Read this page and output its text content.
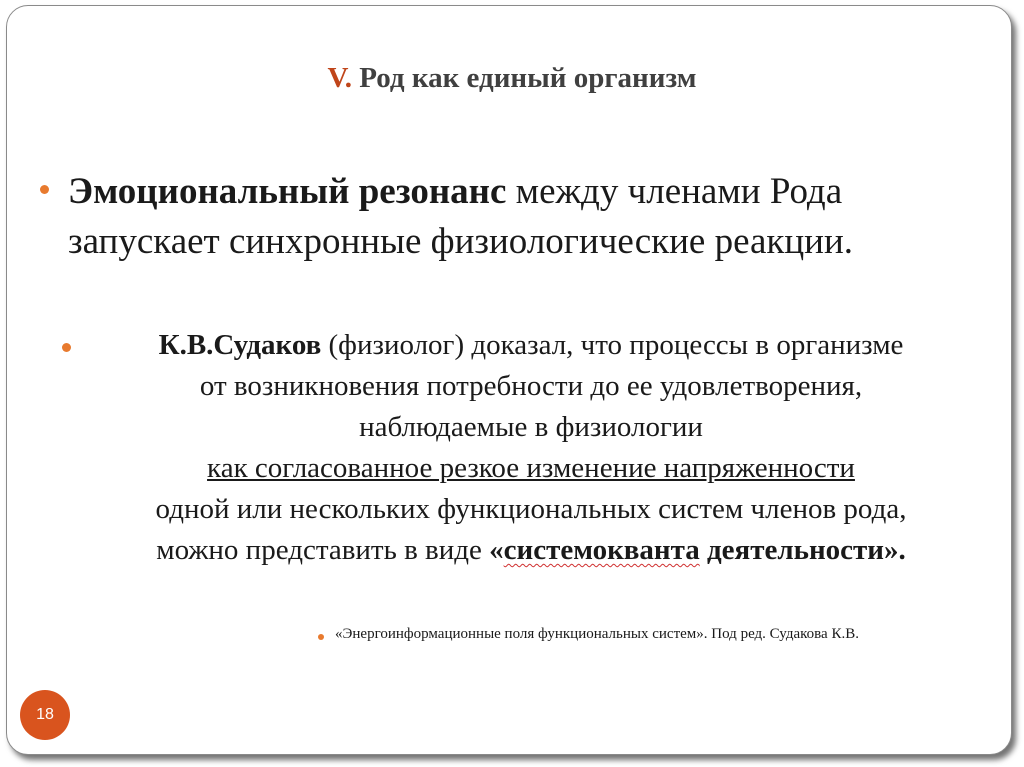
V. Род как единый организм
Эмоциональный резонанс между членами Рода запускает синхронные физиологические реакции.
К.В.Судаков (физиолог) доказал, что процессы в организме
от возникновения потребности до ее удовлетворения,
наблюдаемые в физиологии
как согласованное резкое изменение напряженности
одной или нескольких функциональных систем членов рода,
можно представить в виде «системокванта деятельности».
«Энергоинформационные поля функциональных систем». Под ред. Судакова К.В.
18
